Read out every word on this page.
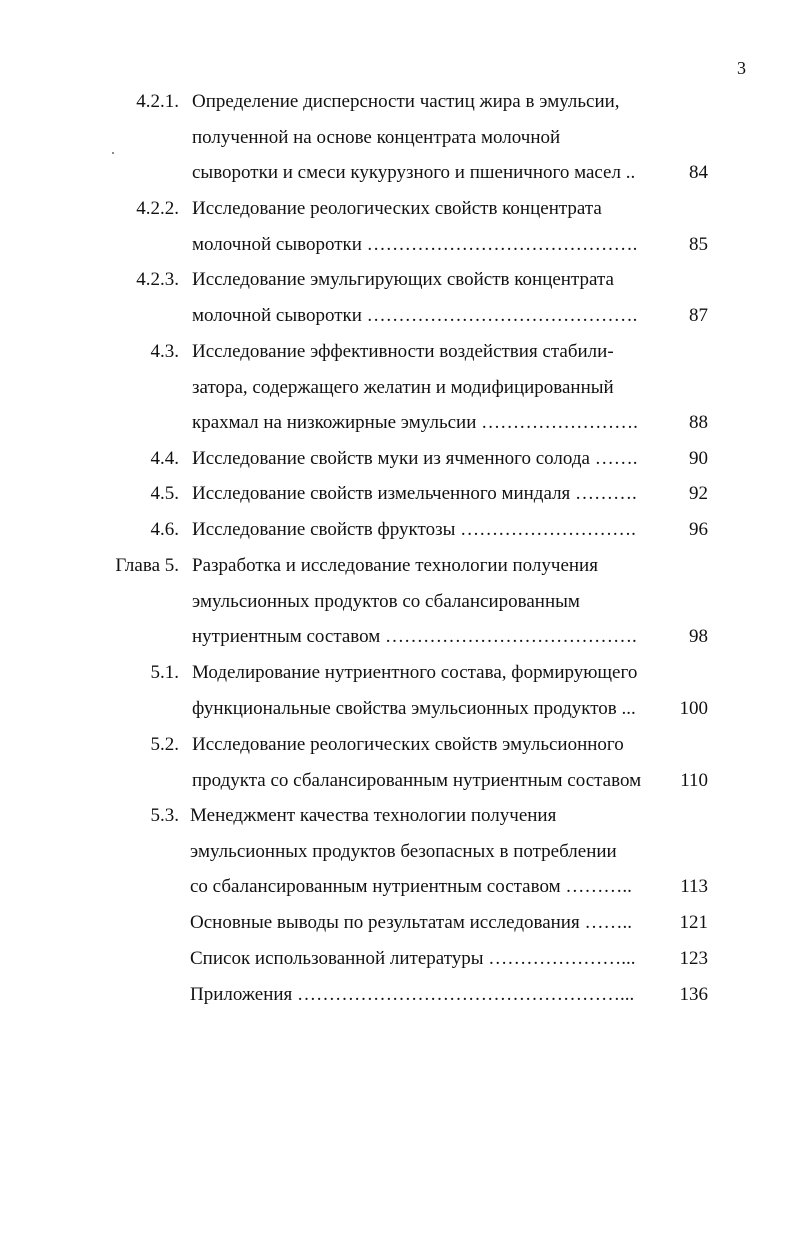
3
4.2.1. Определение дисперсности частиц жира в эмульсии,
полученной на основе концентрата молочной
сыворотки и смеси кукурузного и пшеничного масел ..	84
4.2.2. Исследование реологических свойств концентрата
молочной сыворотки …………………………………….	85
4.2.3. Исследование эмульгирующих свойств концентрата
молочной сыворотки …………………………………….	87
4.3. Исследование эффективности воздействия стабили-
затора, содержащего желатин и модифицированный
крахмал на низкожирные эмульсии …………………….	88
4.4. Исследование свойств муки из ячменного солода …….	90
4.5. Исследование свойств измельченного миндаля ……….	92
4.6. Исследование свойств фруктозы ……………………….	96
Глава 5. Разработка и исследование технологии получения
эмульсионных продуктов со сбалансированным
нутриентным составом ………………………………….	98
5.1. Моделирование нутриентного состава, формирующего
функциональные свойства эмульсионных продуктов ... 100
5.2. Исследование реологических свойств эмульсионного
продукта со сбалансированным нутриентным составом 110
5.3. Менеджмент качества технологии получения
эмульсионных продуктов безопасных в потреблении
со сбалансированным нутриентным составом ………..	113
Основные выводы по результатам исследования ……..	121
Список использованной литературы …………………... 123
Приложения ……………………………………………... 136
